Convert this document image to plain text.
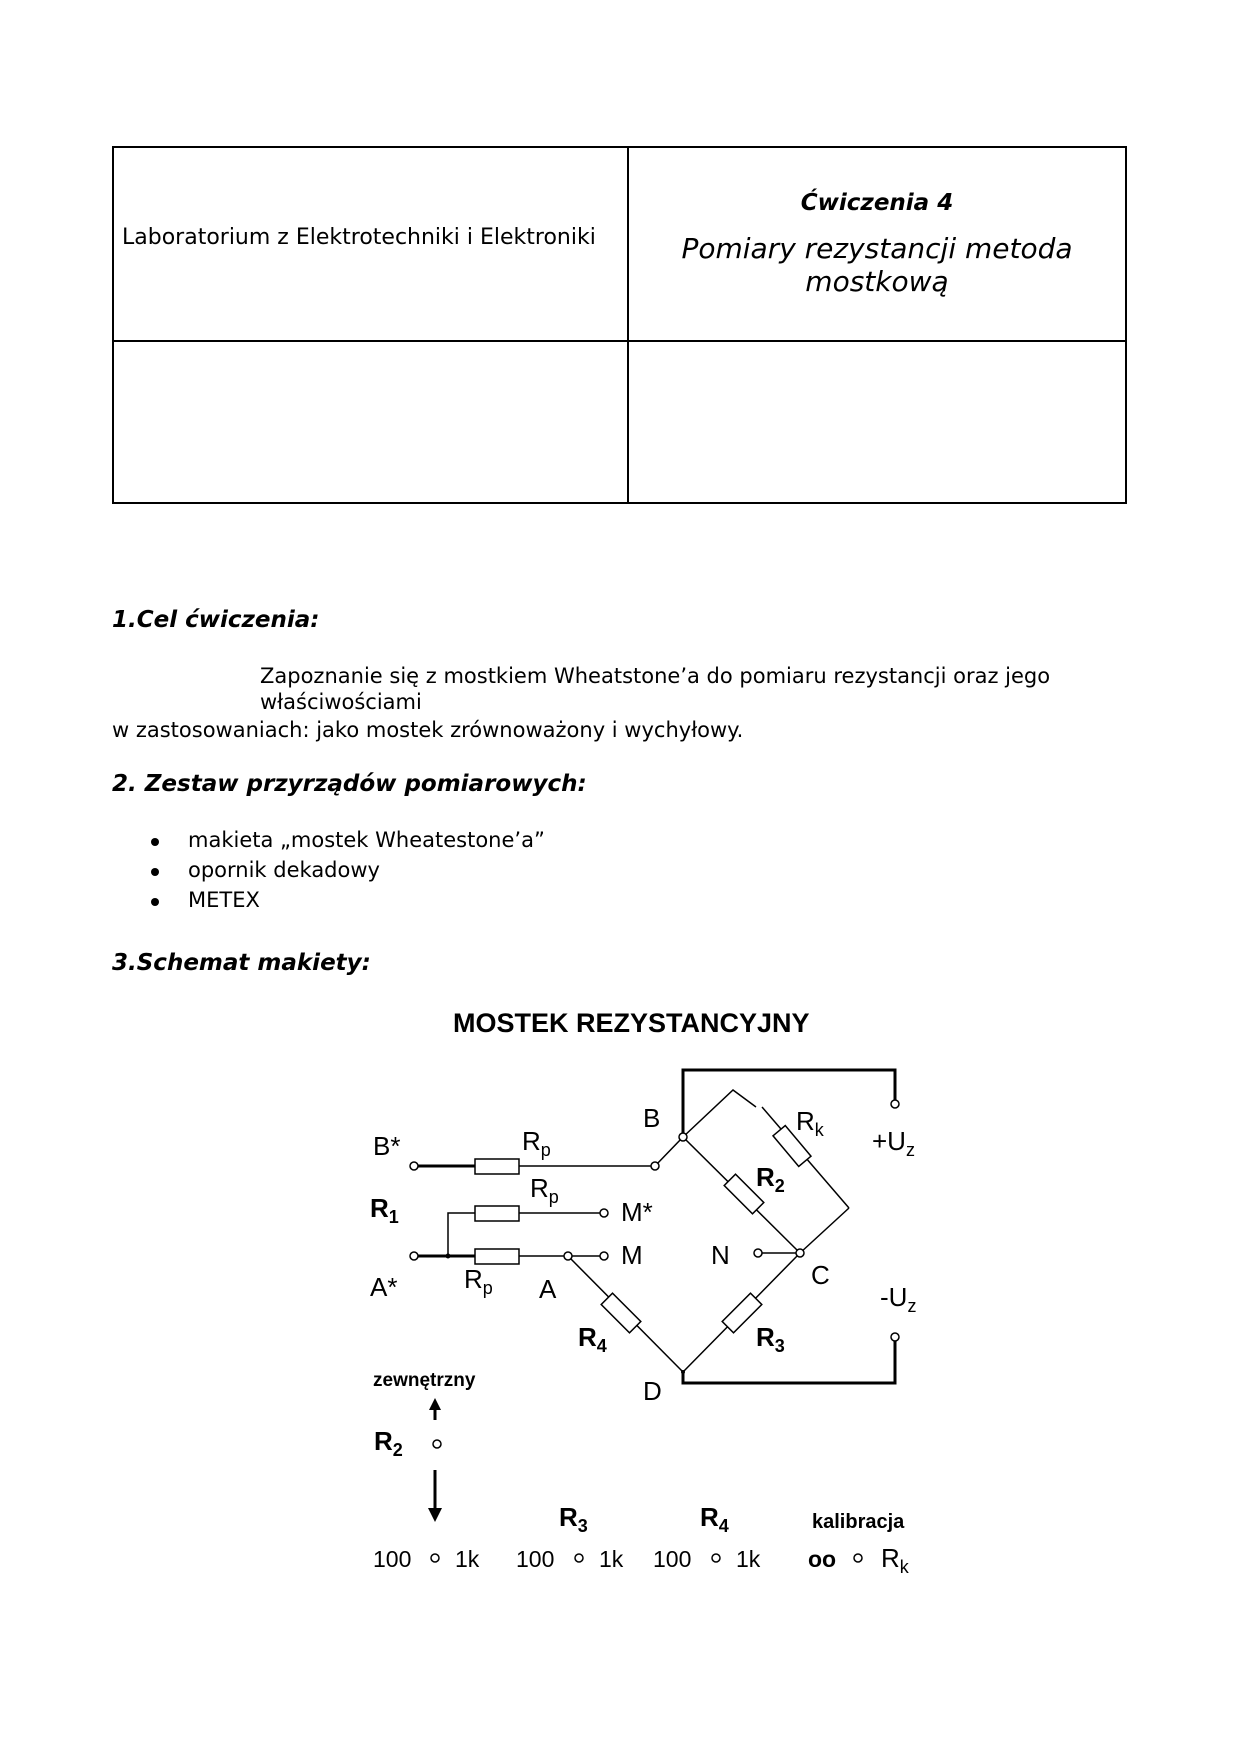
Laboratorium z Elektrotechniki i Elektroniki	Ćwiczenia 4
Pomiary rezystancji metoda mostkową

1.Cel ćwiczenia:
Zapoznanie się z mostkiem Wheatstone’a do pomiaru rezystancji oraz jego
właściwościami
w zastosowaniach: jako mostek zrównoważony i wychyłowy.
2. Zestaw przyrządów pomiarowych:
makieta „mostek Wheatestone’a”
opornik dekadowy
METEX
3.Schemat makiety:
MOSTEK REZYSTANCYJNY
B
B*	$R_p$
$R_k +U_z$
$R_2$
$R_1$
$R_p$ M*
M	N
C
A*	$R_p$ A	$-U_z$
$R_4$	$R_3$
D
zewnętrzny
$R_2$
$R_3$	$R_4$	kalibracja
100 1k 100 1k 100 1k oo $R_k$
